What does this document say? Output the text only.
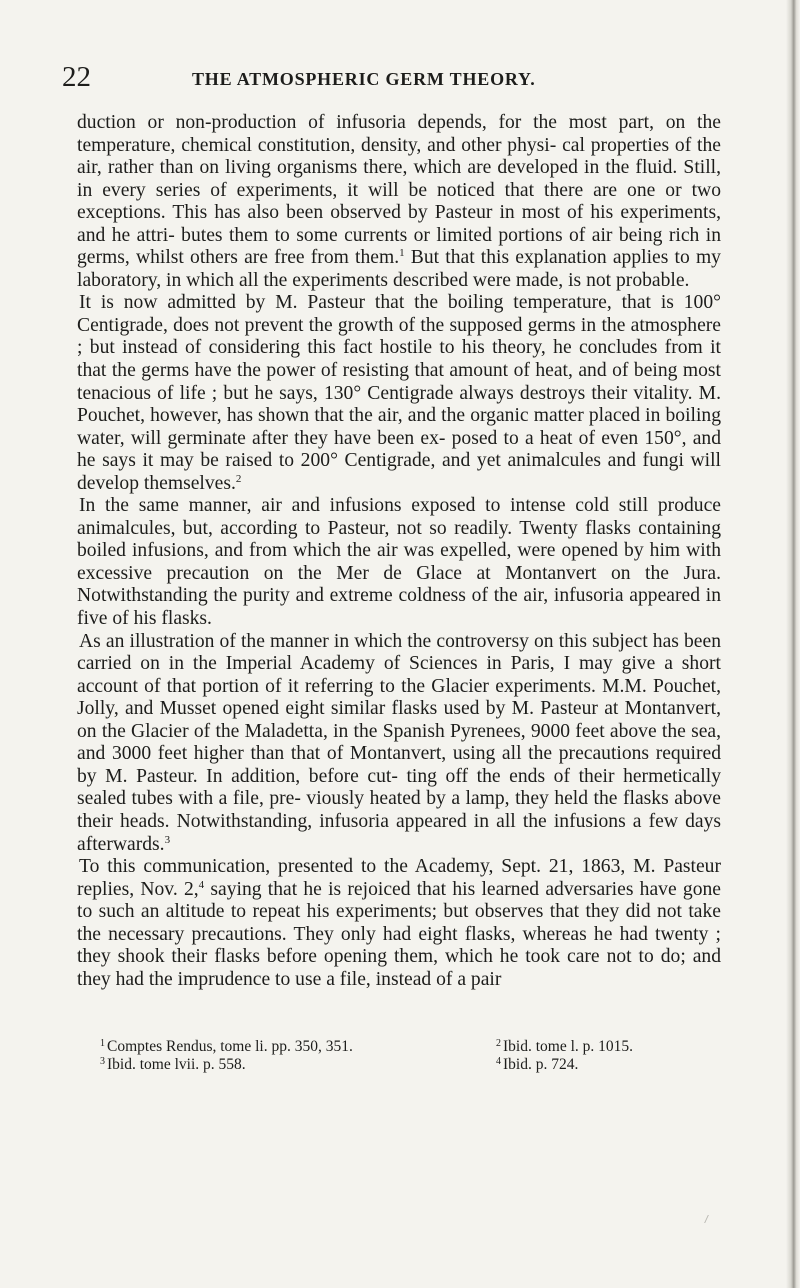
22	THE ATMOSPHERIC GERM THEORY.

duction or non-production of infusoria depends, for the most part, on the temperature, chemical constitution, density, and other physi- cal properties of the air, rather than on living organisms there, which are developed in the fluid. Still, in every series of experiments, it will be noticed that there are one or two exceptions. This has also been observed by Pasteur in most of his experiments, and he attri- butes them to some currents or limited portions of air being rich in germs, whilst others are free from them.$^1$ But that this explanation applies to my laboratory, in which all the experiments described were made, is not probable.

It is now admitted by M. Pasteur that the boiling temperature, that is 100° Centigrade, does not prevent the growth of the supposed germs in the atmosphere ; but instead of considering this fact hostile to his theory, he concludes from it that the germs have the power of resisting that amount of heat, and of being most tenacious of life ; but he says, 130° Centigrade always destroys their vitality. M. Pouchet, however, has shown that the air, and the organic matter placed in boiling water, will germinate after they have been ex- posed to a heat of even 150°, and he says it may be raised to 200° Centigrade, and yet animalcules and fungi will develop themselves.$^2$

In the same manner, air and infusions exposed to intense cold still produce animalcules, but, according to Pasteur, not so readily. Twenty flasks containing boiled infusions, and from which the air was expelled, were opened by him with excessive precaution on the Mer de Glace at Montanvert on the Jura. Notwithstanding the purity and extreme coldness of the air, infusoria appeared in five of his flasks.

As an illustration of the manner in which the controversy on this subject has been carried on in the Imperial Academy of Sciences in Paris, I may give a short account of that portion of it referring to the Glacier experiments. M.M. Pouchet, Jolly, and Musset opened eight similar flasks used by M. Pasteur at Montanvert, on the Glacier of the Maladetta, in the Spanish Pyrenees, 9000 feet above the sea, and 3000 feet higher than that of Montanvert, using all the precautions required by M. Pasteur. In addition, before cut- ting off the ends of their hermetically sealed tubes with a file, pre- viously heated by a lamp, they held the flasks above their heads. Notwithstanding, infusoria appeared in all the infusions a few days afterwards.$^3$

To this communication, presented to the Academy, Sept. 21, 1863, M. Pasteur replies, Nov. 2,$^4$ saying that he is rejoiced that his learned adversaries have gone to such an altitude to repeat his experiments; but observes that they did not take the necessary precautions. They only had eight flasks, whereas he had twenty ; they shook their flasks before opening them, which he took care not to do; and they had the imprudence to use a file, instead of a pair

$^1$ Comptes Rendus, tome li. pp. 350, 351.	$^2$ Ibid. tome l. p. 1015.
$^3$ Ibid. tome lvii. p. 558.	$^4$ Ibid. p. 724.
